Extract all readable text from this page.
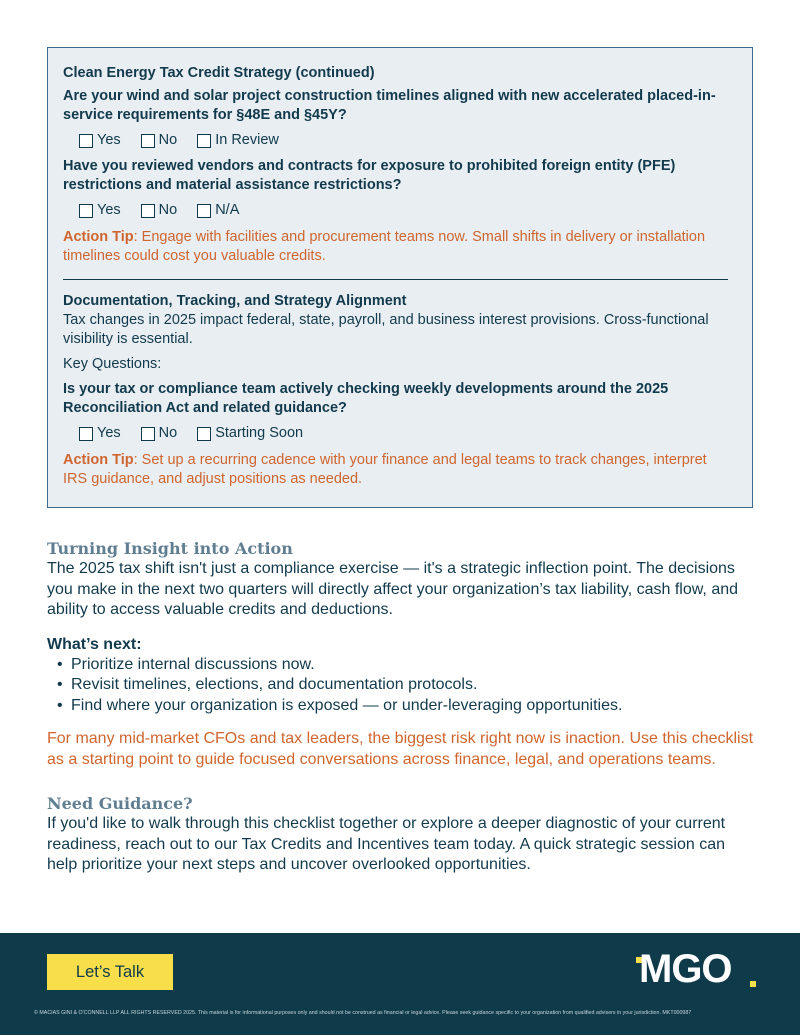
Clean Energy Tax Credit Strategy (continued)
Are your wind and solar project construction timelines aligned with new accelerated placed-in-service requirements for §48E and §45Y?
Yes	No	In Review
Have you reviewed vendors and contracts for exposure to prohibited foreign entity (PFE) restrictions and material assistance restrictions?
Yes	No	N/A
Action Tip: Engage with facilities and procurement teams now. Small shifts in delivery or installation timelines could cost you valuable credits.
Documentation, Tracking, and Strategy Alignment
Tax changes in 2025 impact federal, state, payroll, and business interest provisions. Cross-functional visibility is essential.
Key Questions:
Is your tax or compliance team actively checking weekly developments around the 2025 Reconciliation Act and related guidance?
Yes	No	Starting Soon
Action Tip: Set up a recurring cadence with your finance and legal teams to track changes, interpret IRS guidance, and adjust positions as needed.
Turning Insight into Action
The 2025 tax shift isn't just a compliance exercise — it's a strategic inflection point. The decisions you make in the next two quarters will directly affect your organization’s tax liability, cash flow, and ability to access valuable credits and deductions.
What’s next:
• Prioritize internal discussions now.
• Revisit timelines, elections, and documentation protocols.
• Find where your organization is exposed — or under-leveraging opportunities.
For many mid-market CFOs and tax leaders, the biggest risk right now is inaction. Use this checklist as a starting point to guide focused conversations across finance, legal, and operations teams.
Need Guidance?
If you'd like to walk through this checklist together or explore a deeper diagnostic of your current readiness, reach out to our Tax Credits and Incentives team today. A quick strategic session can help prioritize your next steps and uncover overlooked opportunities.
Let’s Talk	MGO
© MACIAS GINI & O'CONNELL LLP ALL RIGHTS RESERVED 2025. This material is for informational purposes only and should not be construed as financial or legal advice. Please seek guidance specific to your organization from qualified advisers in your jurisdiction. MKT000987
